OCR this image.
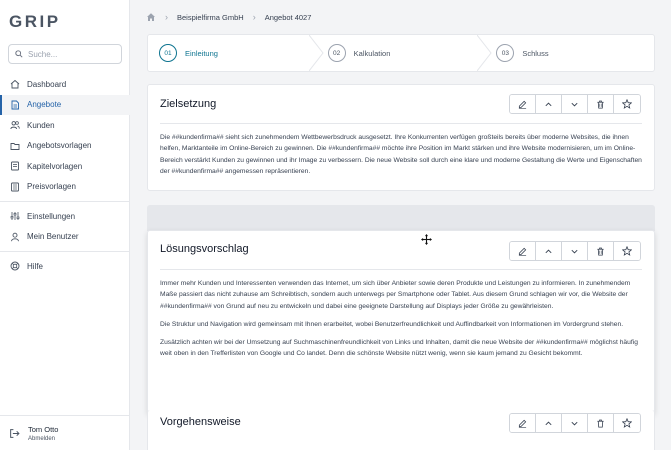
GRIP
Suche...
Dashboard
Angebote
Kunden
Angebotsvorlagen
Kapitelvorlagen
Preisvorlagen
Einstellungen
Mein Benutzer
Hilfe
Tom Otto
Abmelden
› Beispielfirma GmbH › Angebot 4027
01	Einleitung	02	Kalkulation	03	Schluss
Zielsetzung

Die ##kundenfirma## sieht sich zunehmendem Wettbewerbsdruck ausgesetzt. Ihre Konkurrenten verfügen großteils bereits über moderne Websites, die ihnen helfen, Marktanteile im Online-Bereich zu gewinnen. Die ##kundenfirma## möchte ihre Position im Markt stärken und ihre Website modernisieren, um im Online-Bereich verstärkt Kunden zu gewinnen und ihr Image zu verbessern. Die neue Website soll durch eine klare und moderne Gestaltung die Werte und Eigenschaften der ##kundenfirma## angemessen repräsentieren.

Lösungsvorschlag

Immer mehr Kunden und Interessenten verwenden das Internet, um sich über Anbieter sowie deren Produkte und Leistungen zu informieren. In zunehmendem Maße passiert das nicht zuhause am Schreibtisch, sondern auch unterwegs per Smartphone oder Tablet. Aus diesem Grund schlagen wir vor, die Website der ##kundenfirma## von Grund auf neu zu entwickeln und dabei eine geeignete Darstellung auf Displays jeder Größe zu gewährleisten.

Die Struktur und Navigation wird gemeinsam mit Ihnen erarbeitet, wobei Benutzerfreundlichkeit und Auffindbarkeit von Informationen im Vordergrund stehen.

Zusätzlich achten wir bei der Umsetzung auf Suchmaschinenfreundlichkeit von Links und Inhalten, damit die neue Website der ##kundenfirma## möglichst häufig weit oben in den Trefferlisten von Google und Co landet. Denn die schönste Website nützt wenig, wenn sie kaum jemand zu Gesicht bekommt.

Vorgehensweise
